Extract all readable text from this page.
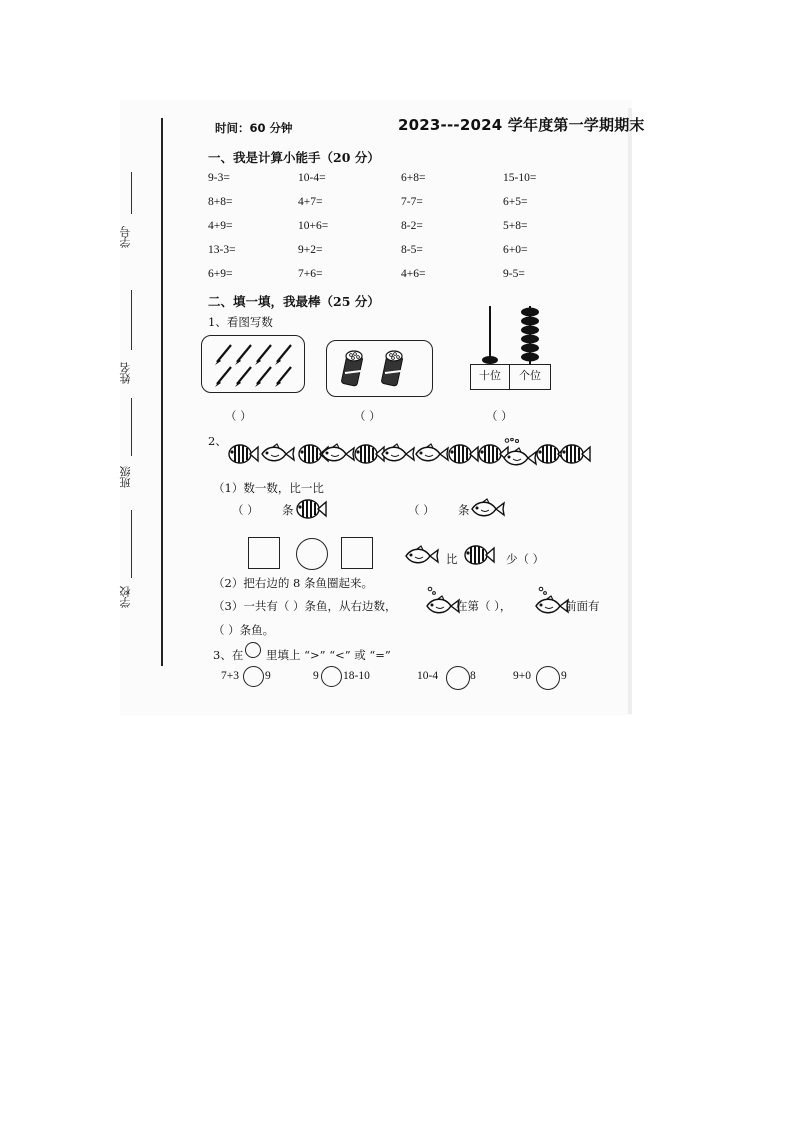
学号
姓名
班级
学校
时间：60 分钟	2023---2024 学年度第一学期期末
一、我是计算小能手（20 分）
9-3=	10-4=	6+8=	15-10=
8+8=	4+7=	7-7=	6+5=
4+9=	10+6=	8-2=	5+8=
13-3=	9+2=	8-5=	6+0=
6+9=	7+6=	4+6=	9-5=
二、填一填，我最棒（25 分）
1、看图写数
十位	个位
（ ）	（ ）	（ ）
2、
（1）数一数，比一比
（ ） 条	（ ） 条
比	少（ ）
（2）把右边的 8 条鱼圈起来。
（3）一共有（ ）条鱼，从右边数，	在第（ ），	前面有
（ ）条鱼。
3、在 里填上 “>” “<” 或 “=”
7+3 9	9 18-10	10-4	8	9+0	9
